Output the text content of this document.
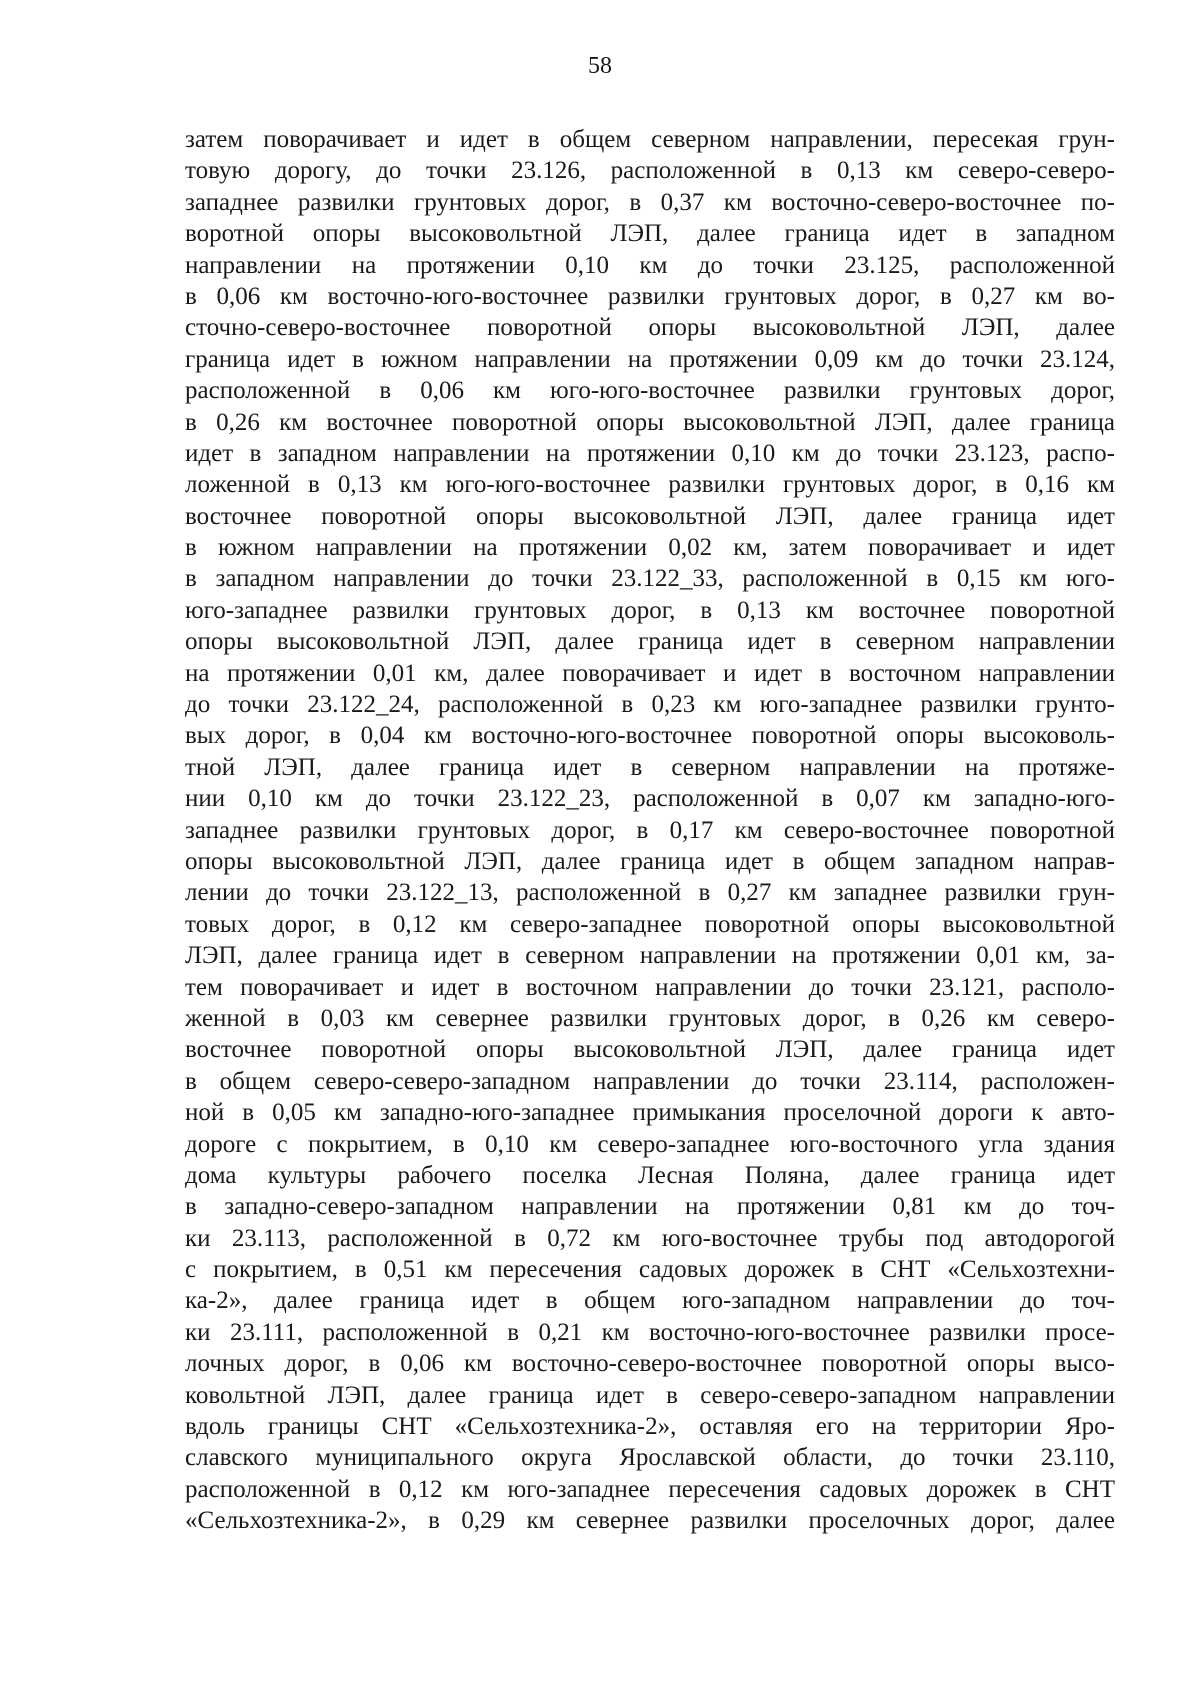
58
затем поворачивает и идет в общем северном направлении, пересекая грун-
товую дорогу, до точки 23.126, расположенной в 0,13 км северо-северо-
западнее развилки грунтовых дорог, в 0,37 км восточно-северо-восточнее по-
воротной опоры высоковольтной ЛЭП, далее граница идет в западном
направлении на протяжении 0,10 км до точки 23.125, расположенной
в 0,06 км восточно-юго-восточнее развилки грунтовых дорог, в 0,27 км во-
сточно-северо-восточнее поворотной опоры высоковольтной ЛЭП, далее
граница идет в южном направлении на протяжении 0,09 км до точки 23.124,
расположенной в 0,06 км юго-юго-восточнее развилки грунтовых дорог,
в 0,26 км восточнее поворотной опоры высоковольтной ЛЭП, далее граница
идет в западном направлении на протяжении 0,10 км до точки 23.123, распо-
ложенной в 0,13 км юго-юго-восточнее развилки грунтовых дорог, в 0,16 км
восточнее поворотной опоры высоковольтной ЛЭП, далее граница идет
в южном направлении на протяжении 0,02 км, затем поворачивает и идет
в западном направлении до точки 23.122_33, расположенной в 0,15 км юго-
юго-западнее развилки грунтовых дорог, в 0,13 км восточнее поворотной
опоры высоковольтной ЛЭП, далее граница идет в северном направлении
на протяжении 0,01 км, далее поворачивает и идет в восточном направлении
до точки 23.122_24, расположенной в 0,23 км юго-западнее развилки грунто-
вых дорог, в 0,04 км восточно-юго-восточнее поворотной опоры высоковоль-
тной ЛЭП, далее граница идет в северном направлении на протяже-
нии 0,10 км до точки 23.122_23, расположенной в 0,07 км западно-юго-
западнее развилки грунтовых дорог, в 0,17 км северо-восточнее поворотной
опоры высоковольтной ЛЭП, далее граница идет в общем западном направ-
лении до точки 23.122_13, расположенной в 0,27 км западнее развилки грун-
товых дорог, в 0,12 км северо-западнее поворотной опоры высоковольтной
ЛЭП, далее граница идет в северном направлении на протяжении 0,01 км, за-
тем поворачивает и идет в восточном направлении до точки 23.121, располо-
женной в 0,03 км севернее развилки грунтовых дорог, в 0,26 км северо-
восточнее поворотной опоры высоковольтной ЛЭП, далее граница идет
в общем северо-северо-западном направлении до точки 23.114, расположен-
ной в 0,05 км западно-юго-западнее примыкания проселочной дороги к авто-
дороге с покрытием, в 0,10 км северо-западнее юго-восточного угла здания
дома культуры рабочего поселка Лесная Поляна, далее граница идет
в западно-северо-западном направлении на протяжении 0,81 км до точ-
ки 23.113, расположенной в 0,72 км юго-восточнее трубы под автодорогой
с покрытием, в 0,51 км пересечения садовых дорожек в СНТ «Сельхозтехни-
ка-2», далее граница идет в общем юго-западном направлении до точ-
ки 23.111, расположенной в 0,21 км восточно-юго-восточнее развилки просе-
лочных дорог, в 0,06 км восточно-северо-восточнее поворотной опоры высо-
ковольтной ЛЭП, далее граница идет в северо-северо-западном направлении
вдоль границы СНТ «Сельхозтехника-2», оставляя его на территории Яро-
славского муниципального округа Ярославской области, до точки 23.110,
расположенной в 0,12 км юго-западнее пересечения садовых дорожек в СНТ
«Сельхозтехника-2», в 0,29 км севернее развилки проселочных дорог, далее
